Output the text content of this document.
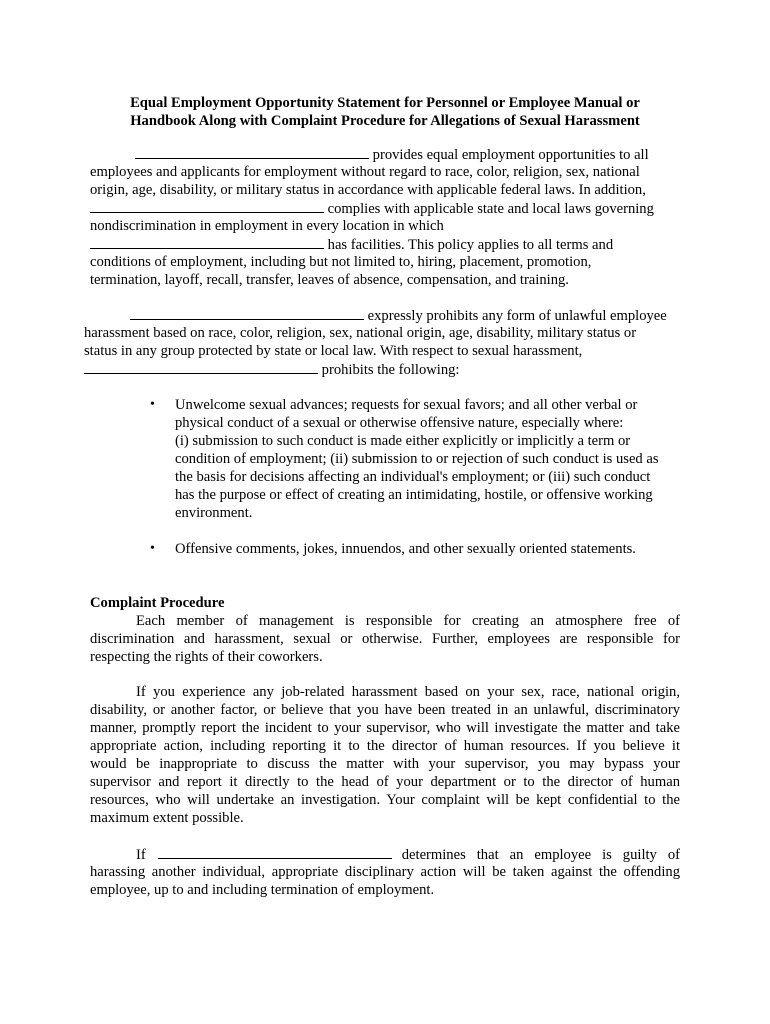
Equal Employment Opportunity Statement for Personnel or Employee Manual or
Handbook Along with Complaint Procedure for Allegations of Sexual Harassment
provides equal employment opportunities to all
employees and applicants for employment without regard to race, color, religion, sex, national
origin, age, disability, or military status in accordance with applicable federal laws. In addition,
complies with applicable state and local laws governing
nondiscrimination in employment in every location in which
has facilities. This policy applies to all terms and
conditions of employment, including but not limited to, hiring, placement, promotion,
termination, layoff, recall, transfer, leaves of absence, compensation, and training.
expressly prohibits any form of unlawful employee
harassment based on race, color, religion, sex, national origin, age, disability, military status or
status in any group protected by state or local law. With respect to sexual harassment,
prohibits the following:
• Unwelcome sexual advances; requests for sexual favors; and all other verbal or
physical conduct of a sexual or otherwise offensive nature, especially where:
(i) submission to such conduct is made either explicitly or implicitly a term or
condition of employment; (ii) submission to or rejection of such conduct is used as
the basis for decisions affecting an individual's employment; or (iii) such conduct
has the purpose or effect of creating an intimidating, hostile, or offensive working
environment.
• Offensive comments, jokes, innuendos, and other sexually oriented statements.
Complaint Procedure
Each member of management is responsible for creating an atmosphere free of
discrimination and harassment, sexual or otherwise. Further, employees are responsible for
respecting the rights of their coworkers.
If you experience any job-related harassment based on your sex, race, national origin,
disability, or another factor, or believe that you have been treated in an unlawful, discriminatory
manner, promptly report the incident to your supervisor, who will investigate the matter and take
appropriate action, including reporting it to the director of human resources. If you believe it
would be inappropriate to discuss the matter with your supervisor, you may bypass your
supervisor and report it directly to the head of your department or to the director of human
resources, who will undertake an investigation. Your complaint will be kept confidential to the
maximum extent possible.
If	determines that an employee is guilty of
harassing another individual, appropriate disciplinary action will be taken against the offending
employee, up to and including termination of employment.
